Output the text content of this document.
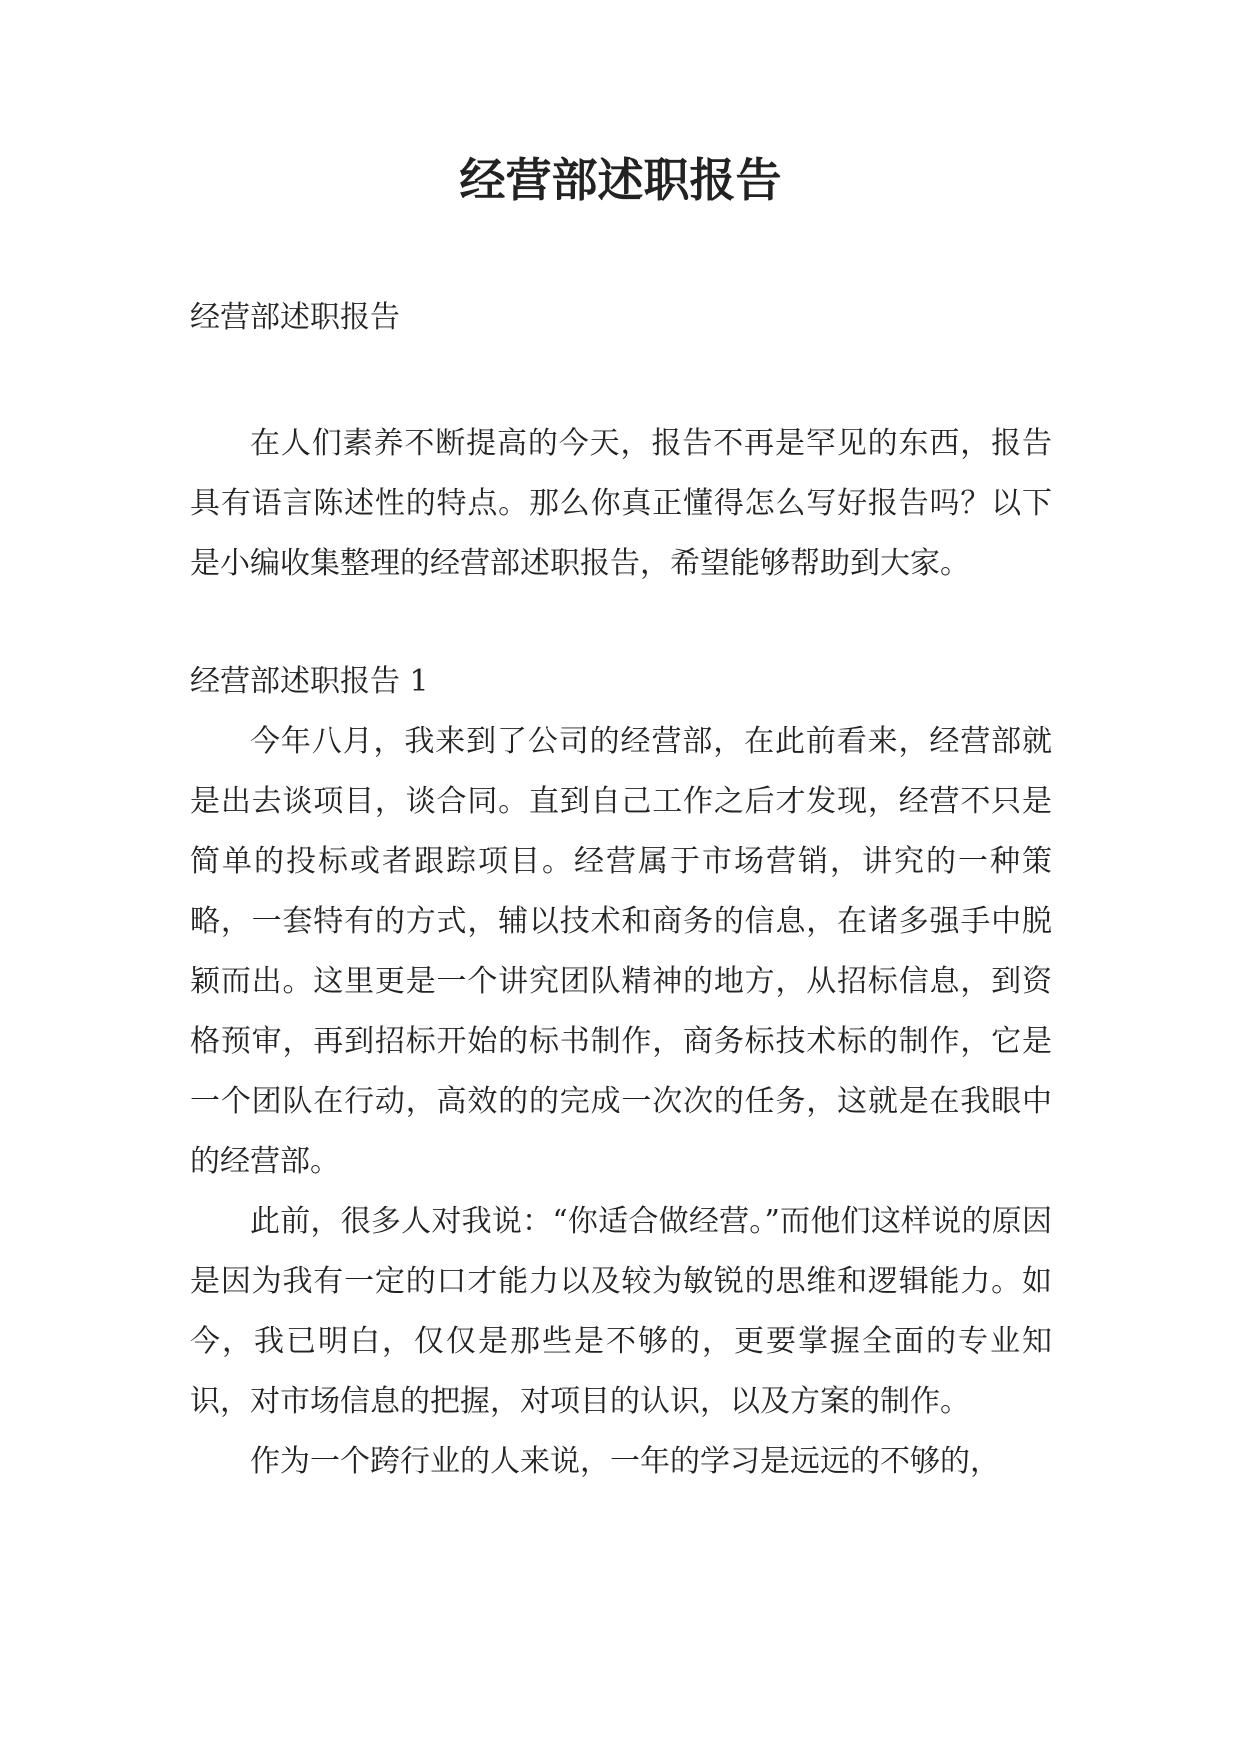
经营部述职报告

经营部述职报告

在人们素养不断提高的今天，报告不再是罕见的东西，报告具有语言陈述性的特点。那么你真正懂得怎么写好报告吗？以下是小编收集整理的经营部述职报告，希望能够帮助到大家。

经营部述职报告 1

今年八月，我来到了公司的经营部，在此前看来，经营部就是出去谈项目，谈合同。直到自己工作之后才发现，经营不只是简单的投标或者跟踪项目。经营属于市场营销，讲究的一种策略，一套特有的方式，辅以技术和商务的信息，在诸多强手中脱颖而出。这里更是一个讲究团队精神的地方，从招标信息，到资格预审，再到招标开始的标书制作，商务标技术标的制作，它是一个团队在行动，高效的的完成一次次的任务，这就是在我眼中的经营部。

此前，很多人对我说：“你适合做经营。”而他们这样说的原因是因为我有一定的口才能力以及较为敏锐的思维和逻辑能力。如今，我已明白，仅仅是那些是不够的，更要掌握全面的专业知识，对市场信息的把握，对项目的认识，以及方案的制作。

作为一个跨行业的人来说，一年的学习是远远的不够的，
